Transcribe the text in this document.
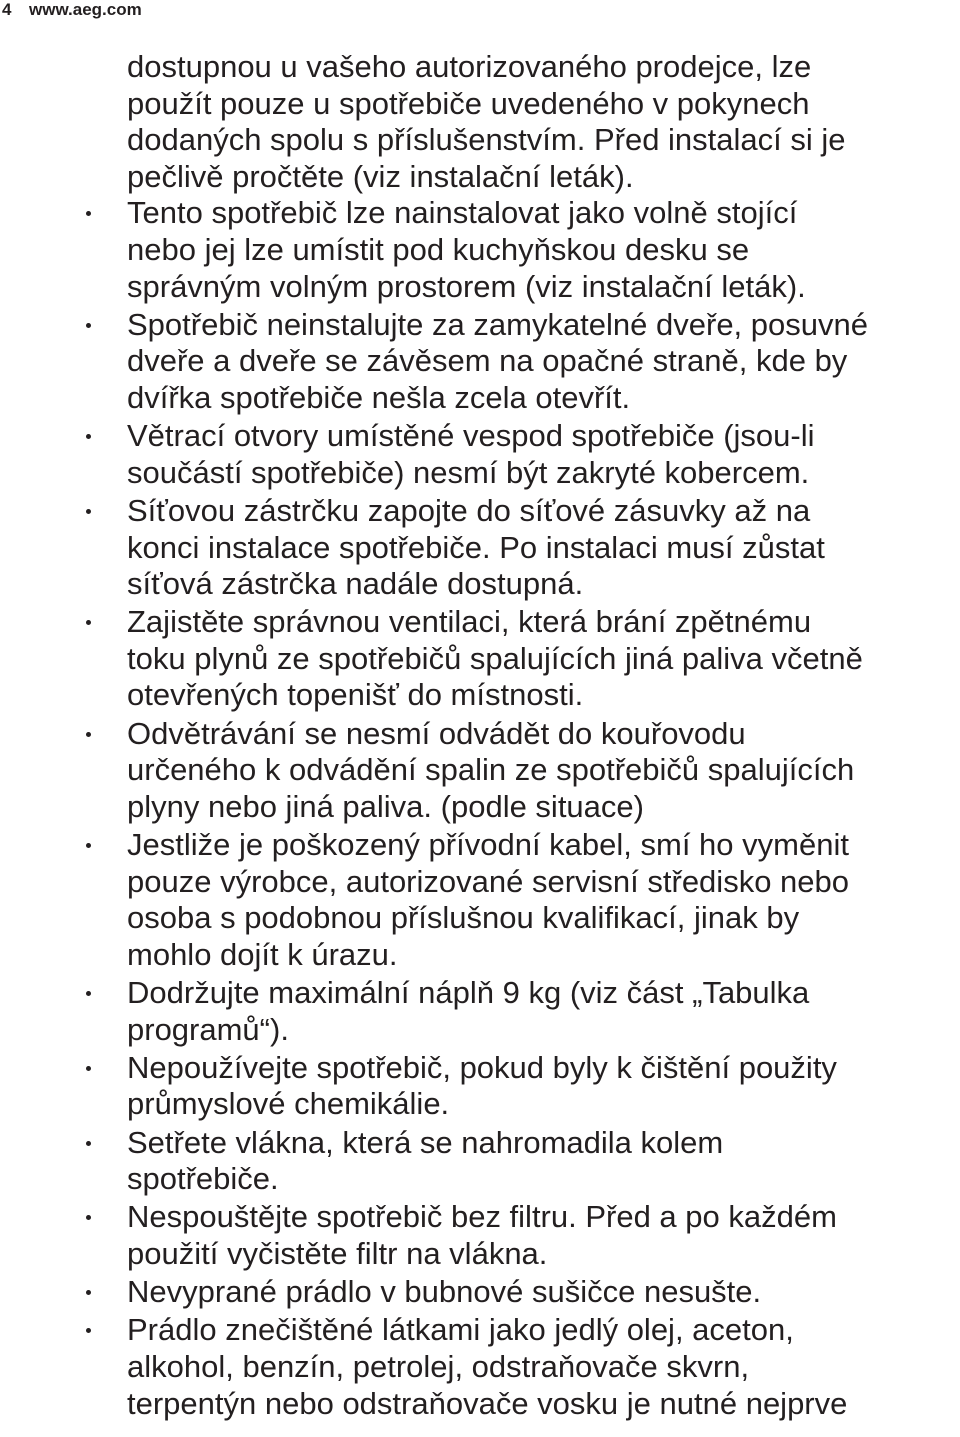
4 www.aeg.com
dostupnou u vašeho autorizovaného prodejce, lze
použít pouze u spotřebiče uvedeného v pokynech
dodaných spolu s příslušenstvím. Před instalací si je
pečlivě pročtěte (viz instalační leták).
Tento spotřebič lze nainstalovat jako volně stojící
nebo jej lze umístit pod kuchyňskou desku se
správným volným prostorem (viz instalační leták).
Spotřebič neinstalujte za zamykatelné dveře, posuvné
dveře a dveře se závěsem na opačné straně, kde by
dvířka spotřebiče nešla zcela otevřít.
Větrací otvory umístěné vespod spotřebiče (jsou-li
součástí spotřebiče) nesmí být zakryté kobercem.
Síťovou zástrčku zapojte do síťové zásuvky až na
konci instalace spotřebiče. Po instalaci musí zůstat
síťová zástrčka nadále dostupná.
Zajistěte správnou ventilaci, která brání zpětnému
toku plynů ze spotřebičů spalujících jiná paliva včetně
otevřených topenišť do místnosti.
Odvětrávání se nesmí odvádět do kouřovodu
určeného k odvádění spalin ze spotřebičů spalujících
plyny nebo jiná paliva. (podle situace)
Jestliže je poškozený přívodní kabel, smí ho vyměnit
pouze výrobce, autorizované servisní středisko nebo
osoba s podobnou příslušnou kvalifikací, jinak by
mohlo dojít k úrazu.
Dodržujte maximální náplň 9 kg (viz část „Tabulka
programů“).
Nepoužívejte spotřebič, pokud byly k čištění použity
průmyslové chemikálie.
Setřete vlákna, která se nahromadila kolem
spotřebiče.
Nespouštějte spotřebič bez filtru. Před a po každém
použití vyčistěte filtr na vlákna.
Nevyprané prádlo v bubnové sušičce nesušte.
Prádlo znečištěné látkami jako jedlý olej, aceton,
alkohol, benzín, petrolej, odstraňovače skvrn,
terpentýn nebo odstraňovače vosku je nutné nejprve
